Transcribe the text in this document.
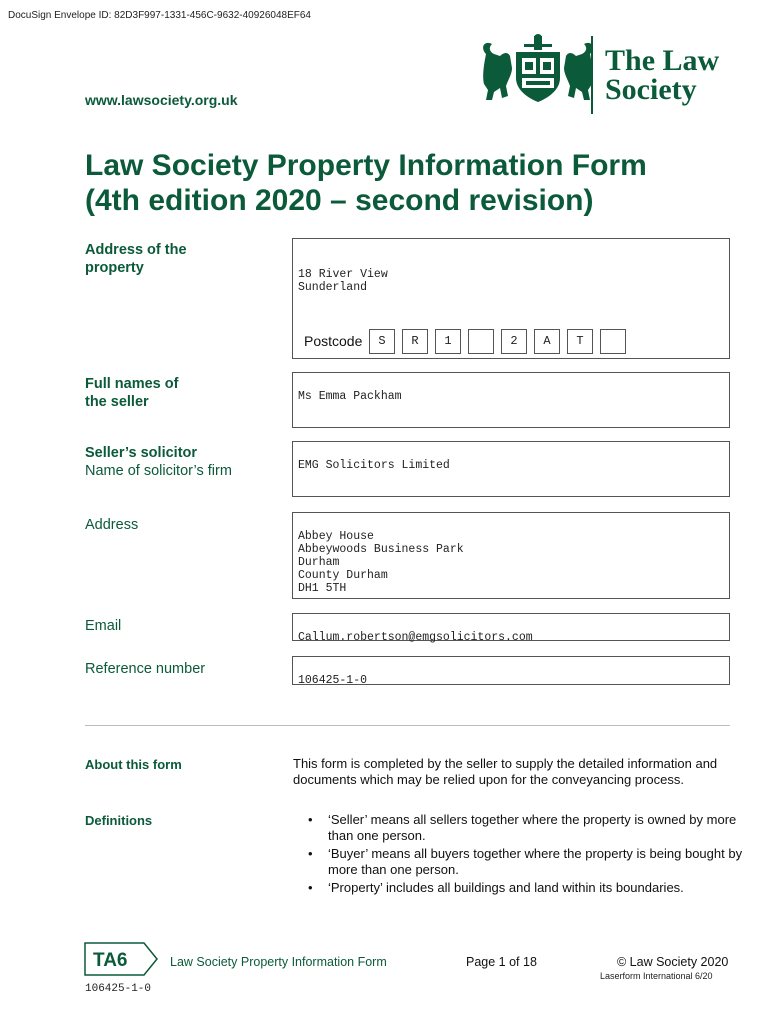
DocuSign Envelope ID: 82D3F997-1331-456C-9632-40926048EF64
www.lawsociety.org.uk
The Law
Society
Law Society Property Information Form
(4th edition 2020 – second revision)
Address of the
property	18 River View
Sunderland

Postcode	S	R	1	2	A	T
Full names of
the seller	Ms Emma Packham

Seller’s solicitor
Name of solicitor’s firm	EMG Solicitors Limited

Address

Abbey House
Abbeywoods Business Park
Durham
County Durham
DH1 5TH

Email

Callum.robertson@emgsolicitors.com

Reference number

106425-1-0

About this form	This form is completed by the seller to supply the detailed information and documents which may be relied upon for the conveyancing process.
Definitions
•	‘Seller’ means all sellers together where the property is owned by more than one person.
• ‘Buyer’ means all buyers together where the property is being bought by more than one person.
• ‘Property’ includes all buildings and land within its boundaries.
TA6	Law Society Property Information Form	Page 1 of 18	© Law Society 2020
Laserform International 6/20
106425-1-0
